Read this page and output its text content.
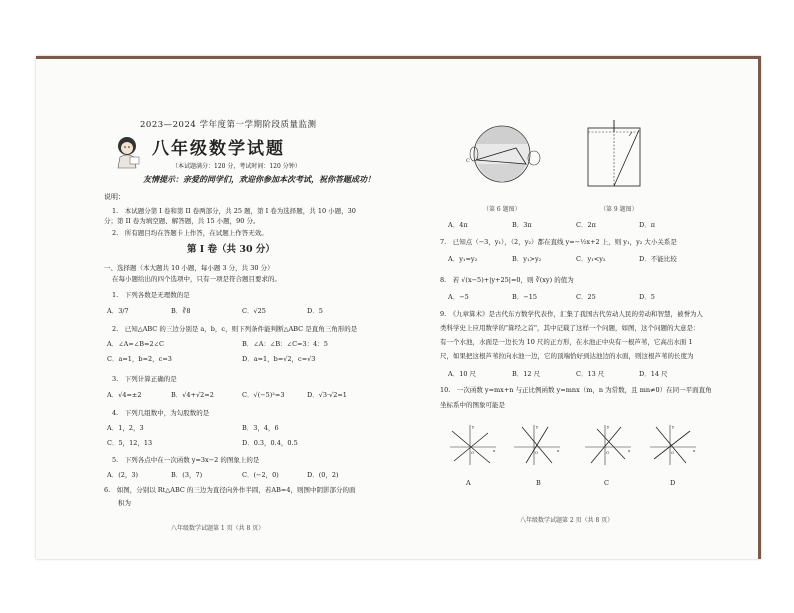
2023—2024 学年度第一学期阶段质量监测
八年级数学试题
（本试题满分：120 分，考试时间：120 分钟）
友情提示：亲爱的同学们，欢迎你参加本次考试，祝你答题成功！
说明：
1.　本试题分第 I 卷和第 II 卷两部分，共 25 题，第 I 卷为选择题，共 10 小题，30
分；第 II 卷为填空题、解答题，共 15 小题，90 分。
2.　所有题目均在答题卡上作答，在试题上作答无效。
第 I 卷（共 30 分）
一、选择题（本大题共 10 小题，每小题 3 分，共 30 分）
在每小题给出的四个选项中，只有一项是符合题目要求的。
1.　下列各数是无理数的是
A．3/7	B．∛8	C．√25	D．5
2.　已知△ABC 的三边分别是 a，b，c，则下列条件能判断△ABC 是直角三角形的是
A．∠A=∠B=2∠C	B．∠A：∠B：∠C=3：4：5
C．a=1，b=2，c=3	D．a=1，b=√2，c=√3
3.　下列计算正确的是
A．√4=±2	B．√4+√2=2	C．√(−5)²=3	D．√3·√2=1
4.　下列几组数中，为勾股数的是
A．1，2，3	B．3，4，6
C．5，12，13	D．0.3，0.4，0.5
5.　下列各点中在一次函数 y=3x−2 的图象上的是
A．(2，3)	B．(3，7)	C．(−2，0)	D．(0，2)
6.　如图，分别以 Rt△ABC 的三边为直径向外作半圆，若AB=4，则图中阴影部分的面
积为
八年级数学试题第 1 页（共 8 页）
C
（第 6 题图）	（第 9 题图）
A．4π	B．3π	C．2π	D．π
7.　已知点（−3，y₁），（2，y₂）都在直线 y=−½x+2 上，则 y₁，y₂ 大小关系是
A．y₁=y₂	B．y₁>y₂	C．y₁<y₂	D．不能比较
8.　若 √(x−5)+|y+25|=0，则 ∛(xy) 的值为
A．−5	B．−15	C．25	D．5
9.　《九章算术》是古代东方数学代表作，汇集了我国古代劳动人民的劳动和智慧，被誉为人
类科学史上应用数学的"算经之首"，其中记载了这样一个问题，如图，这个问题的大意是：
有一个水池，水面是一边长为 10 尺的正方形，在水池正中央有一根芦苇，它高出水面 1
尺，如果把这根芦苇拉向水池一边，它的顶端恰好到达池边的水面，则这根芦苇的长度为
A．10 尺	B．12 尺	C．13 尺	D．14 尺
10.　一次函数 y=mx+n 与正比例函数 y=mnx（m，n 为常数，且 mn≠0）在同一平面直角
坐标系中的图象可能是
O	x
y
O	x
y
O	x
y
O	x
y
A	B	C	D
八年级数学试题第 2 页（共 8 页）
